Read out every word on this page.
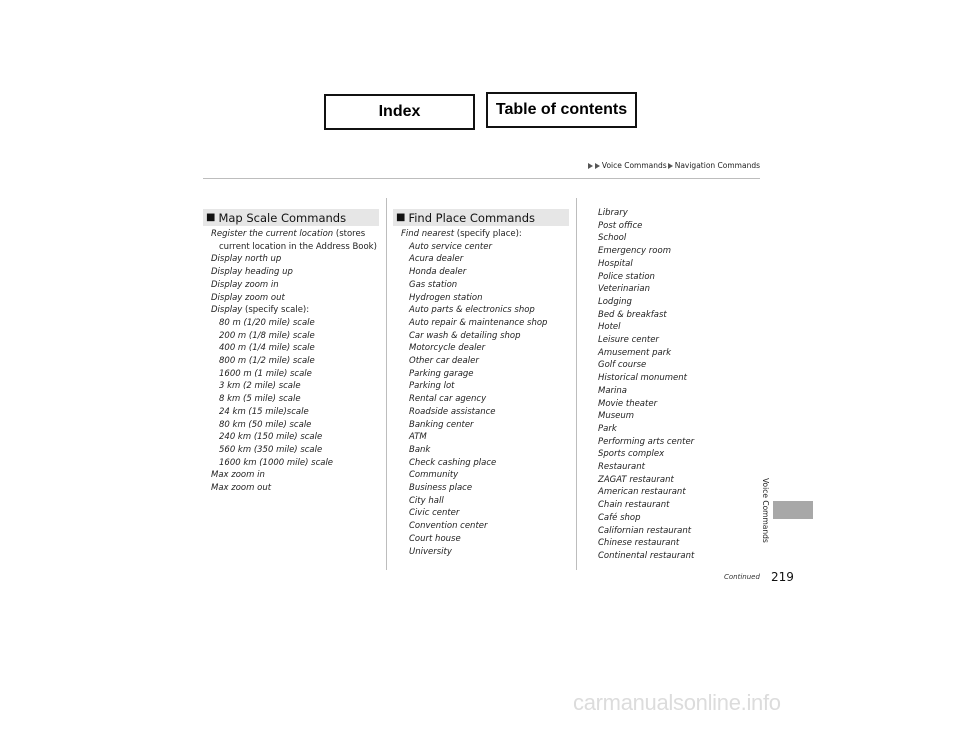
Index	Table of contents
Voice Commands Navigation Commands
Voice Commands
■ Map Scale Commands
Register the current location (stores
current location in the Address Book)
Display north up
Display heading up
Display zoom in
Display zoom out
Display (specify scale):
80 m (1/20 mile) scale
200 m (1/8 mile) scale
400 m (1/4 mile) scale
800 m (1/2 mile) scale
1600 m (1 mile) scale
3 km (2 mile) scale
8 km (5 mile) scale
24 km (15 mile)scale
80 km (50 mile) scale
240 km (150 mile) scale
560 km (350 mile) scale
1600 km (1000 mile) scale
Max zoom in
Max zoom out
■ Find Place Commands
Find nearest (specify place):
Auto service center
Acura dealer
Honda dealer
Gas station
Hydrogen station
Auto parts & electronics shop
Auto repair & maintenance shop
Car wash & detailing shop
Motorcycle dealer
Other car dealer
Parking garage
Parking lot
Rental car agency
Roadside assistance
Banking center
ATM
Bank
Check cashing place
Community
Business place
City hall
Civic center
Convention center
Court house
University
Library
Post office
School
Emergency room
Hospital
Police station
Veterinarian
Lodging
Bed & breakfast
Hotel
Leisure center
Amusement park
Golf course
Historical monument
Marina
Movie theater
Museum
Park
Performing arts center
Sports complex
Restaurant
ZAGAT restaurant
American restaurant
Chain restaurant
Café shop
Californian restaurant
Chinese restaurant
Continental restaurant
Continued 219
carmanualsonline.info
